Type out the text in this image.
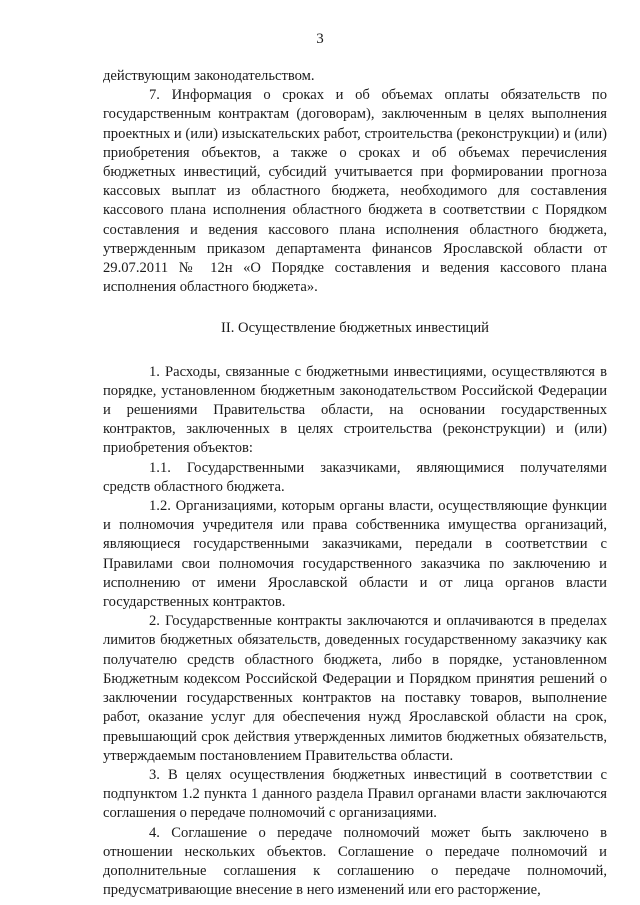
3

действующим законодательством.

7. Информация о сроках и об объемах оплаты обязательств по государственным контрактам (договорам), заключенным в целях выполнения проектных и (или) изыскательских работ, строительства (реконструкции) и (или) приобретения объектов, а также о сроках и об объемах перечисления бюджетных инвестиций, субсидий учитывается при формировании прогноза кассовых выплат из областного бюджета, необходимого для составления кассового плана исполнения областного бюджета в соответствии с Порядком составления и ведения кассового плана исполнения областного бюджета, утвержденным приказом департамента финансов Ярославской области от 29.07.2011 № 12н «О Порядке составления и ведения кассового плана исполнения областного бюджета».

II. Осуществление бюджетных инвестиций

1. Расходы, связанные с бюджетными инвестициями, осуществляются в порядке, установленном бюджетным законодательством Российской Федерации и решениями Правительства области, на основании государственных контрактов, заключенных в целях строительства (реконструкции) и (или) приобретения объектов:

1.1. Государственными заказчиками, являющимися получателями средств областного бюджета.

1.2. Организациями, которым органы власти, осуществляющие функции и полномочия учредителя или права собственника имущества организаций, являющиеся государственными заказчиками, передали в соответствии с Правилами свои полномочия государственного заказчика по заключению и исполнению от имени Ярославской области и от лица органов власти государственных контрактов.

2. Государственные контракты заключаются и оплачиваются в пределах лимитов бюджетных обязательств, доведенных государственному заказчику как получателю средств областного бюджета, либо в порядке, установленном Бюджетным кодексом Российской Федерации и Порядком принятия решений о заключении государственных контрактов на поставку товаров, выполнение работ, оказание услуг для обеспечения нужд Ярославской области на срок, превышающий срок действия утвержденных лимитов бюджетных обязательств, утверждаемым постановлением Правительства области.

3. В целях осуществления бюджетных инвестиций в соответствии с подпунктом 1.2 пункта 1 данного раздела Правил органами власти заключаются соглашения о передаче полномочий с организациями.

4. Соглашение о передаче полномочий может быть заключено в отношении нескольких объектов. Соглашение о передаче полномочий и дополнительные соглашения к соглашению о передаче полномочий, предусматривающие внесение в него изменений или его расторжение,
